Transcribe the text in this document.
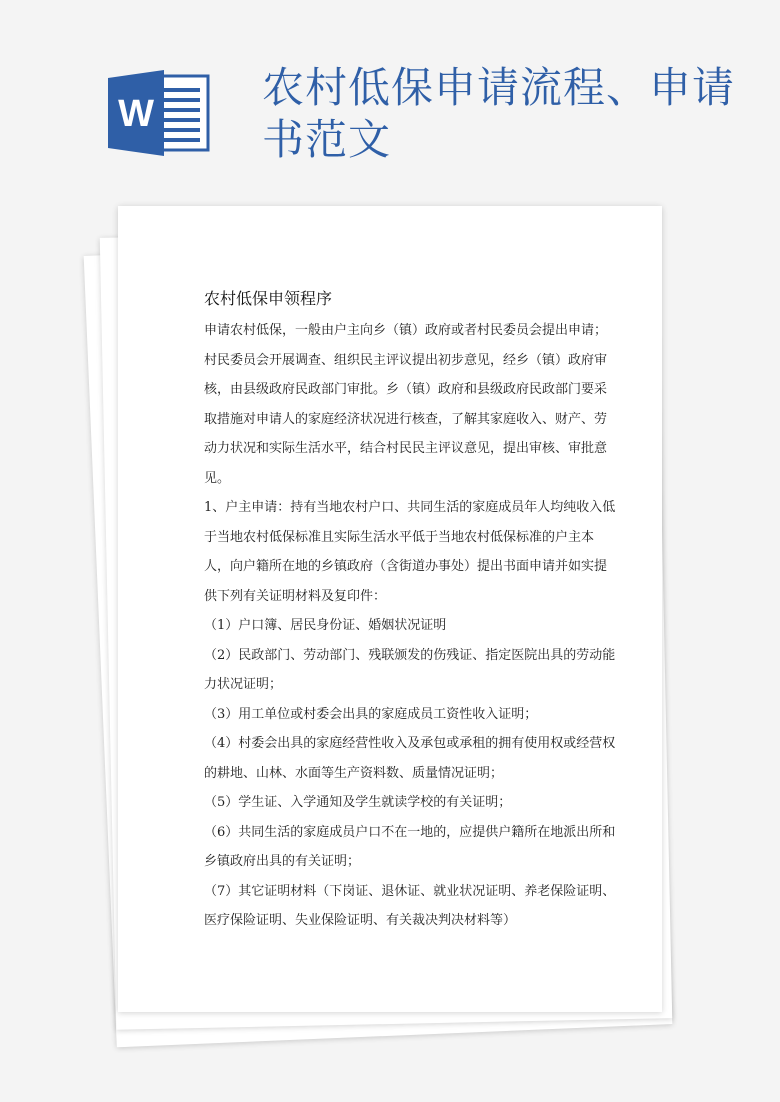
W
农村低保申请流程、申请书范文
农村低保申领程序

申请农村低保，一般由户主向乡（镇）政府或者村民委员会提出申请；村民委员会开展调查、组织民主评议提出初步意见，经乡（镇）政府审核，由县级政府民政部门审批。乡（镇）政府和县级政府民政部门要采取措施对申请人的家庭经济状况进行核查，了解其家庭收入、财产、劳动力状况和实际生活水平，结合村民民主评议意见，提出审核、审批意见。

1、户主申请：持有当地农村户口、共同生活的家庭成员年人均纯收入低于当地农村低保标准且实际生活水平低于当地农村低保标准的户主本人，向户籍所在地的乡镇政府（含街道办事处）提出书面申请并如实提供下列有关证明材料及复印件：

（1）户口簿、居民身份证、婚姻状况证明

（2）民政部门、劳动部门、残联颁发的伤残证、指定医院出具的劳动能力状况证明；

（3）用工单位或村委会出具的家庭成员工资性收入证明；

（4）村委会出具的家庭经营性收入及承包或承租的拥有使用权或经营权的耕地、山林、水面等生产资料数、质量情况证明；

（5）学生证、入学通知及学生就读学校的有关证明；

（6）共同生活的家庭成员户口不在一地的，应提供户籍所在地派出所和乡镇政府出具的有关证明；

（7）其它证明材料（下岗证、退休证、就业状况证明、养老保险证明、医疗保险证明、失业保险证明、有关裁决判决材料等）
